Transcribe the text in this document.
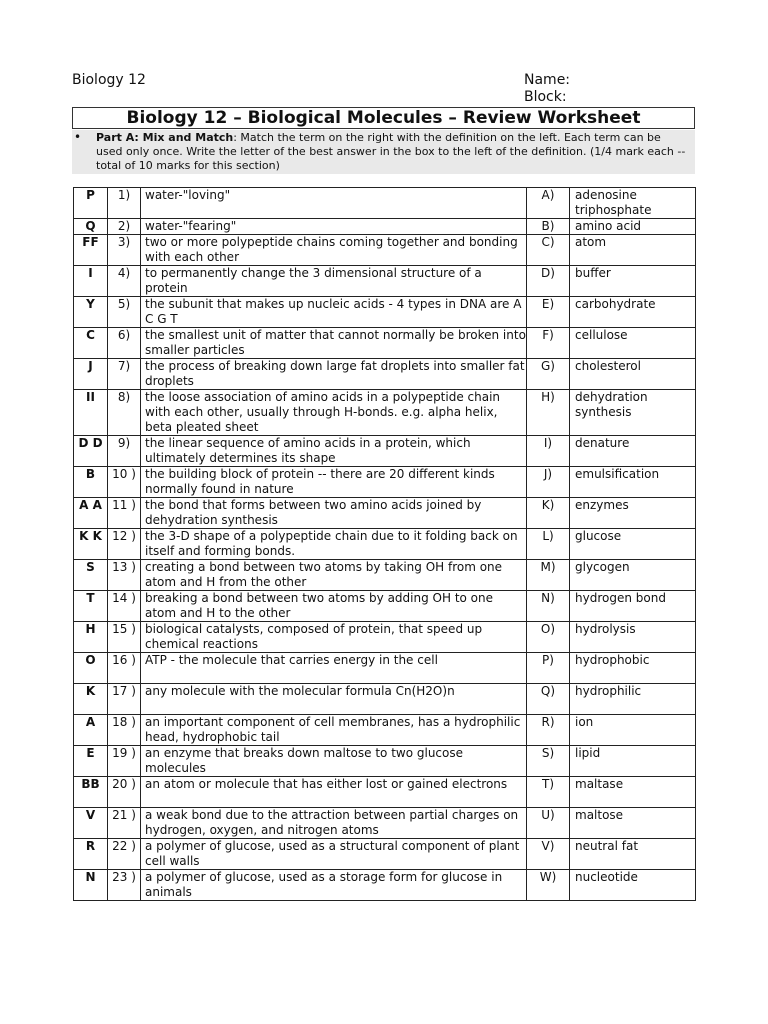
Biology 12	Name:
Block:
Biology 12 – Biological Molecules – Review Worksheet
• Part A: Mix and Match: Match the term on the right with the definition on the left. Each term can be used only once. Write the letter of the best answer in the box to the left of the definition. (1/4 mark each -- total of 10 marks for this section)
P	1)	water-"loving"	A)	adenosine triphosphate
Q	2)	water-"fearing"	B)	amino acid
FF	3)	two or more polypeptide chains coming together and bonding with each other	C)	atom
I	4)	to permanently change the 3 dimensional structure of a protein	D)	buffer
Y	5)	the subunit that makes up nucleic acids - 4 types in DNA are A C G T	E)	carbohydrate
C	6)	the smallest unit of matter that cannot normally be broken into smaller particles	F)	cellulose
J	7)	the process of breaking down large fat droplets into smaller fat droplets	G)	cholesterol
II	8)	the loose association of amino acids in a polypeptide chain with each other, usually through H-bonds. e.g. alpha helix, beta pleated sheet	H)	dehydration synthesis
D D	9)	the linear sequence of amino acids in a protein, which ultimately determines its shape	I)	denature
B	10 )	the building block of protein -- there are 20 different kinds normally found in nature	J)	emulsification
A A	11 )	the bond that forms between two amino acids joined by dehydration synthesis	K)	enzymes
K K	12 )	the 3-D shape of a polypeptide chain due to it folding back on itself and forming bonds.	L)	glucose
S	13 )	creating a bond between two atoms by taking OH from one atom and H from the other	M)	glycogen
T	14 )	breaking a bond between two atoms by adding OH to one atom and H to the other	N)	hydrogen bond
H	15 )	biological catalysts, composed of protein, that speed up chemical reactions	O)	hydrolysis
O	16 )	ATP - the molecule that carries energy in the cell	P)	hydrophobic
K	17 )	any molecule with the molecular formula Cn(H2O)n	Q)	hydrophilic
A	18 )	an important component of cell membranes, has a hydrophilic head, hydrophobic tail	R)	ion
E	19 )	an enzyme that breaks down maltose to two glucose molecules	S)	lipid
BB	20 )	an atom or molecule that has either lost or gained electrons	T)	maltase
V	21 )	a weak bond due to the attraction between partial charges on hydrogen, oxygen, and nitrogen atoms	U)	maltose
R	22 )	a polymer of glucose, used as a structural component of plant cell walls	V)	neutral fat
N	23 )	a polymer of glucose, used as a storage form for glucose in animals	W)	nucleotide
